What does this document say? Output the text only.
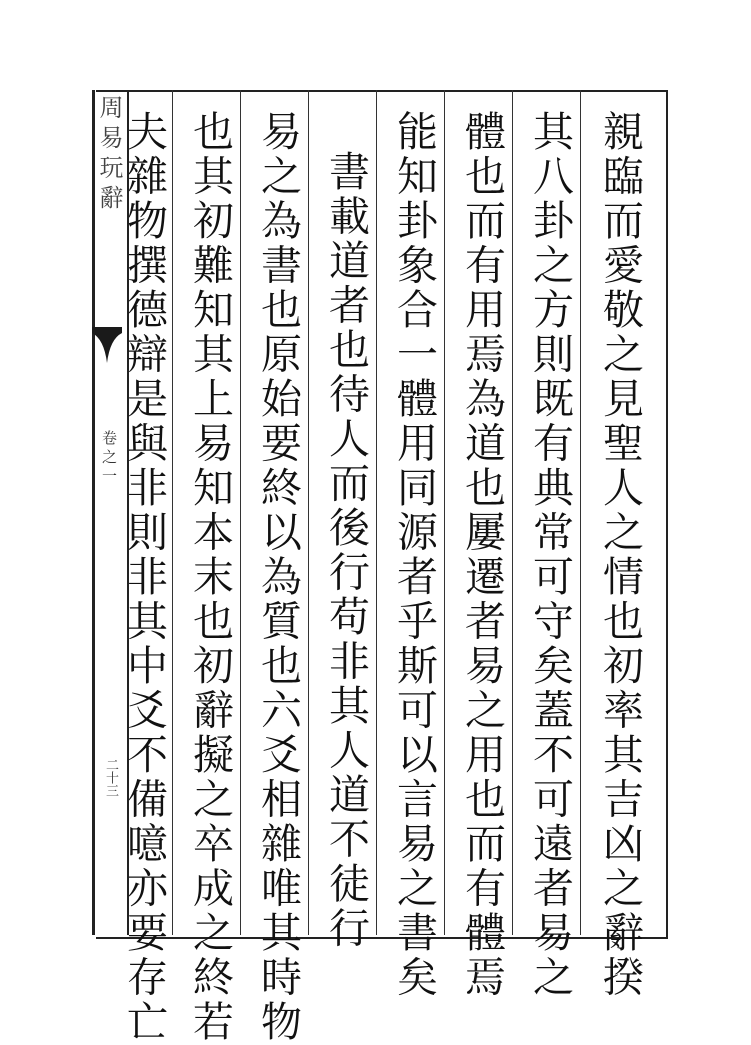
周易玩辭
卷之一
二十三	親臨而愛敬之見聖人之情也初率其吉凶之辭揆
其八卦之方則既有典常可守矣蓋不可遠者易之
體也而有用焉為道也屢遷者易之用也而有體焉
能知卦象合一體用同源者乎斯可以言易之書矣
書載道者也待人而後行苟非其人道不徒行
易之為書也原始要終以為質也六爻相雜唯其時物
也其初難知其上易知本末也初辭擬之卒成之終若
夫雜物撰德辯是與非則非其中爻不備噫亦要存亡
